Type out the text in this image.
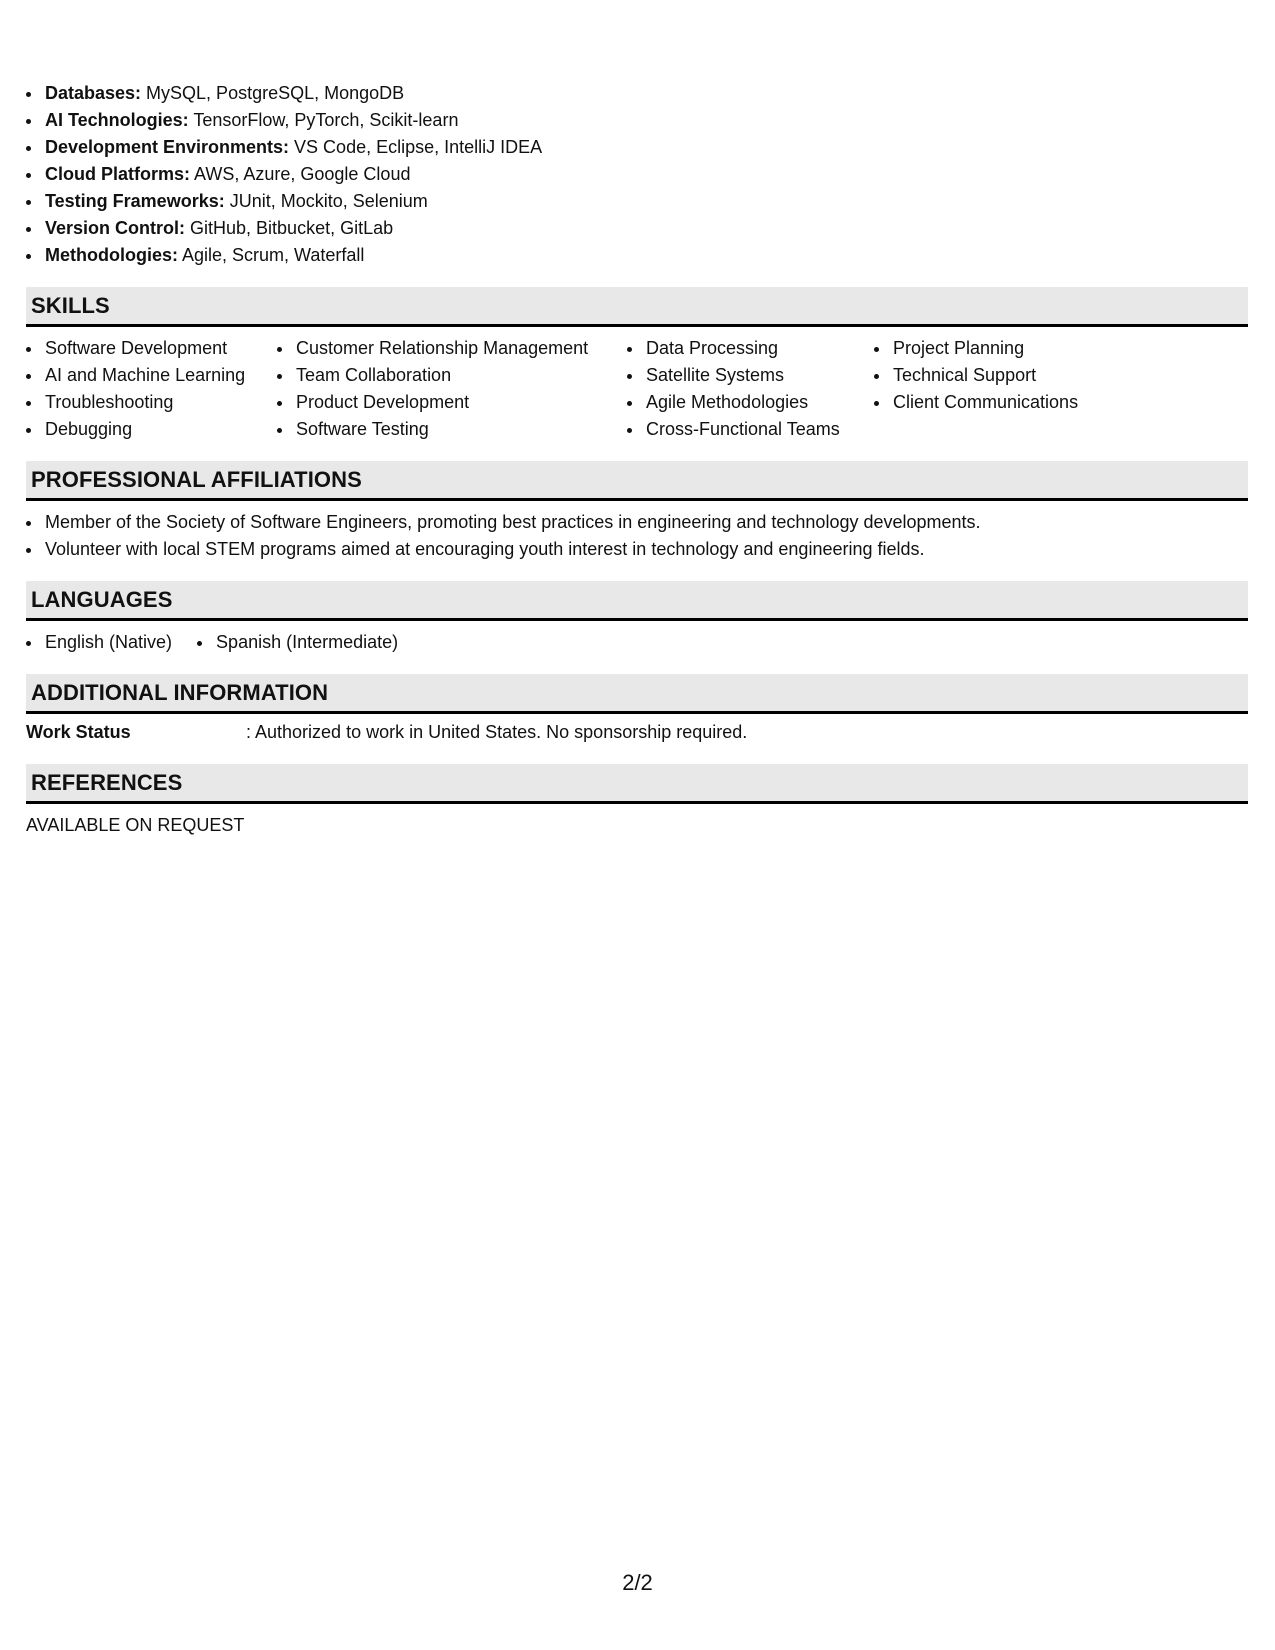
Databases: MySQL, PostgreSQL, MongoDB
AI Technologies: TensorFlow, PyTorch, Scikit-learn
Development Environments: VS Code, Eclipse, IntelliJ IDEA
Cloud Platforms: AWS, Azure, Google Cloud
Testing Frameworks: JUnit, Mockito, Selenium
Version Control: GitHub, Bitbucket, GitLab
Methodologies: Agile, Scrum, Waterfall
SKILLS
Software Development
AI and Machine Learning
Troubleshooting
Debugging
Customer Relationship Management
Team Collaboration
Product Development
Software Testing
Data Processing
Satellite Systems
Agile Methodologies
Cross-Functional Teams
Project Planning
Technical Support
Client Communications
PROFESSIONAL AFFILIATIONS
Member of the Society of Software Engineers, promoting best practices in engineering and technology developments.
Volunteer with local STEM programs aimed at encouraging youth interest in technology and engineering fields.
LANGUAGES
English (Native)	Spanish (Intermediate)
ADDITIONAL INFORMATION
Work Status	: Authorized to work in United States. No sponsorship required.
REFERENCES
AVAILABLE ON REQUEST
2/2
